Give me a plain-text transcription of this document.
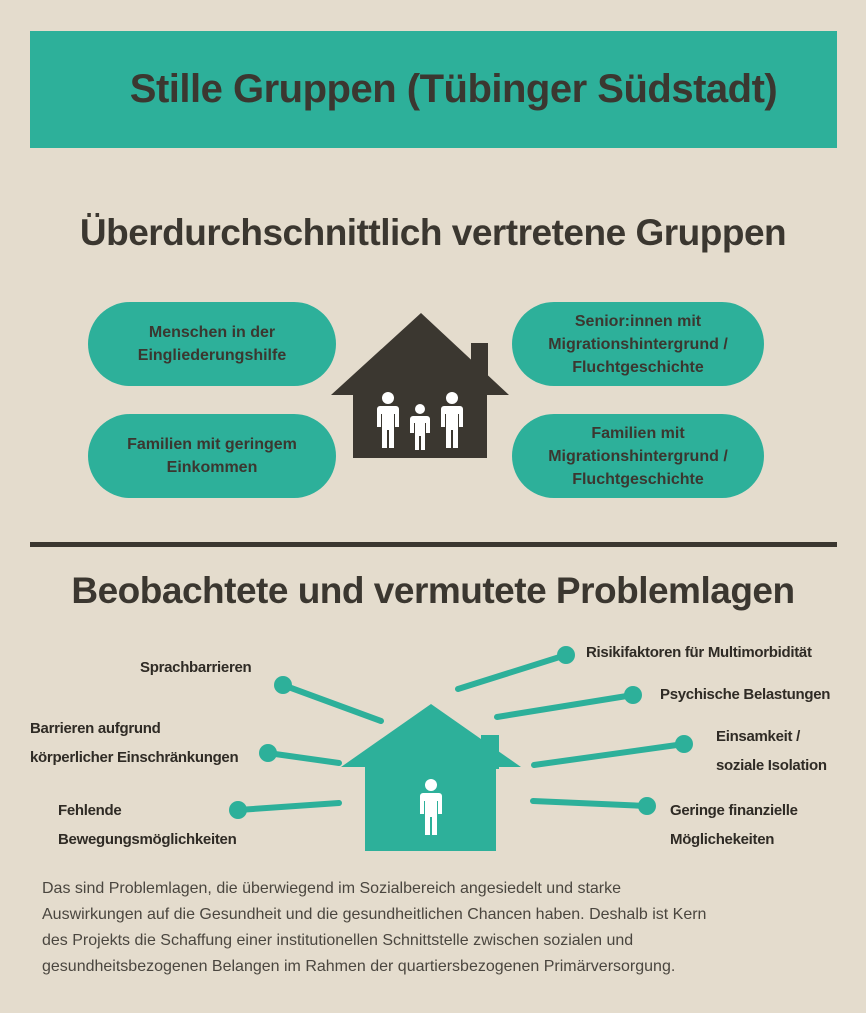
Stille Gruppen (Tübinger Südstadt)
Überdurchschnittlich vertretene Gruppen
Menschen in der
Eingliederungshilfe
Familien mit geringem
Einkommen
Senior:innen mit
Migrationshintergrund /
Fluchtgeschichte
Familien mit
Migrationshintergrund /
Fluchtgeschichte
Beobachtete und vermutete Problemlagen
Sprachbarrieren
Barrieren aufgrund
körperlicher Einschränkungen
Fehlende
Bewegungsmöglichkeiten
Risikifaktoren für Multimorbidität
Psychische Belastungen
Einsamkeit /
soziale Isolation
Geringe finanzielle
Möglichekeiten
Das sind Problemlagen, die überwiegend im Sozialbereich angesiedelt und starke
Auswirkungen auf die Gesundheit und die gesundheitlichen Chancen haben. Deshalb ist Kern
des Projekts die Schaffung einer institutionellen Schnittstelle zwischen sozialen und
gesundheitsbezogenen Belangen im Rahmen der quartiersbezogenen Primärversorgung.
